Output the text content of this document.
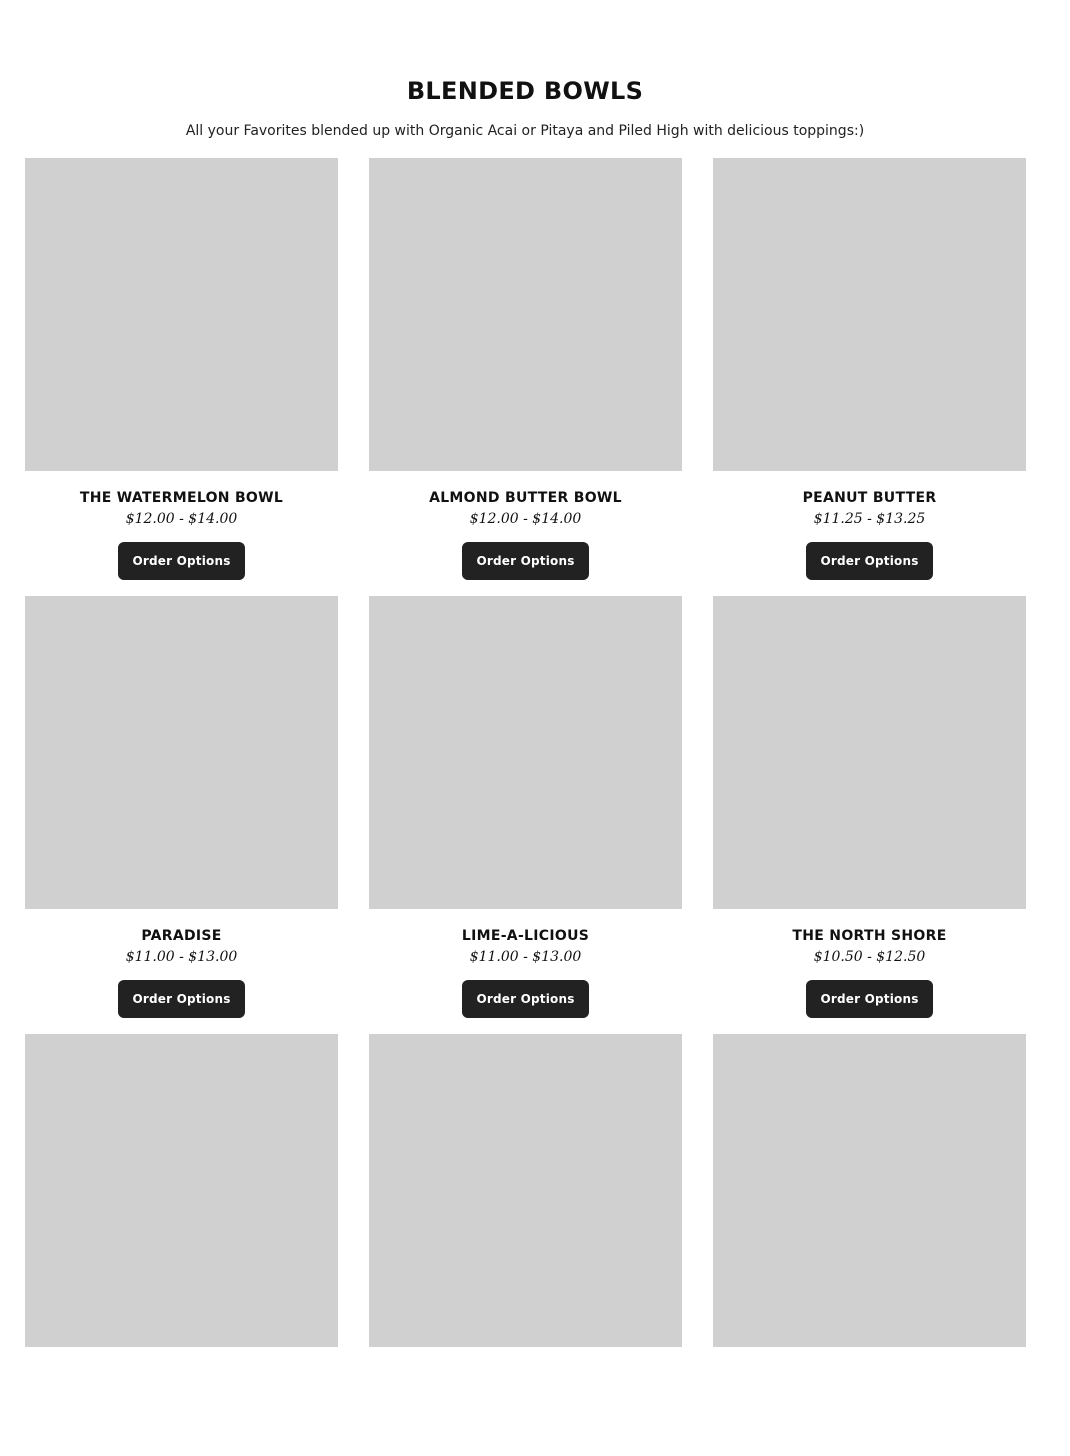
BLENDED BOWLS

All your Favorites blended up with Organic Acai or Pitaya and Piled High with delicious toppings:)

THE WATERMELON BOWL
$12.00 - $14.00
Order Options
ALMOND BUTTER BOWL
$12.00 - $14.00
Order Options
PEANUT BUTTER
$11.25 - $13.25
Order Options
PARADISE
$11.00 - $13.00
Order Options
LIME-A-LICIOUS
$11.00 - $13.00
Order Options
THE NORTH SHORE
$10.50 - $12.50
Order Options
